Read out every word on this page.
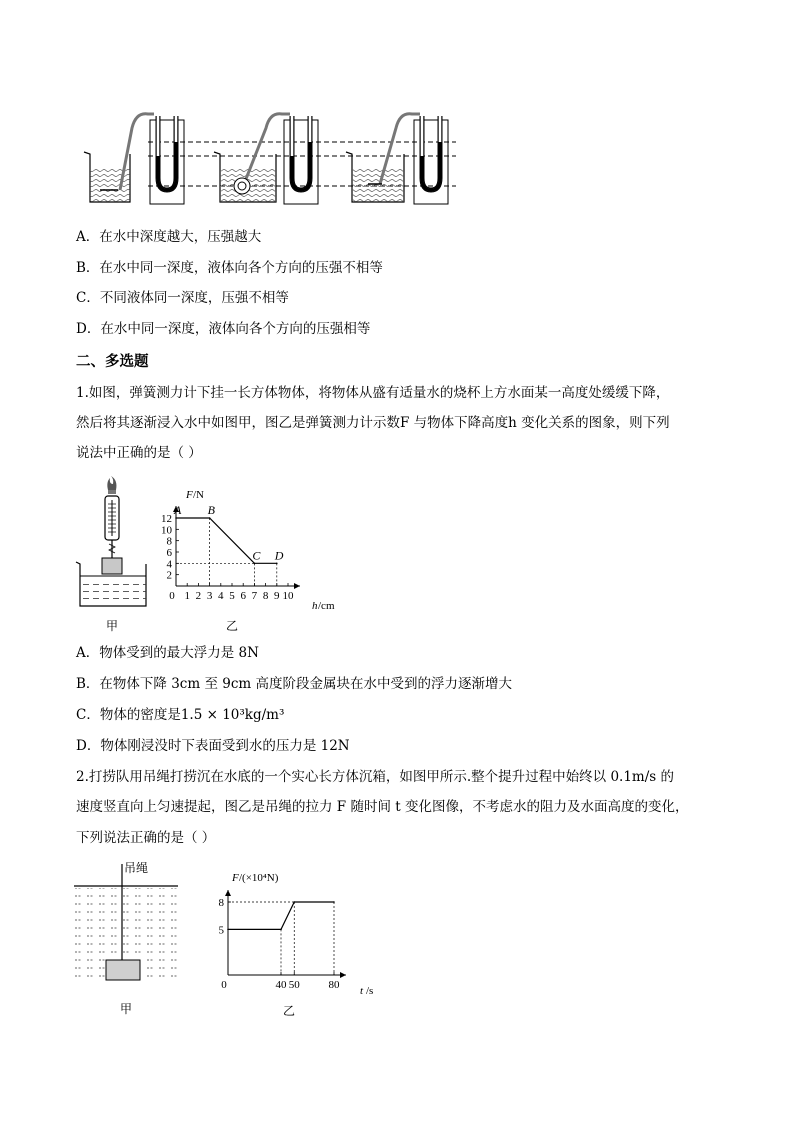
A．在水中深度越大，压强越大
B．在水中同一深度，液体向各个方向的压强不相等
C．不同液体同一深度，压强不相等
D．在水中同一深度，液体向各个方向的压强相等
二、多选题
1.如图，弹簧测力计下挂一长方体物体，将物体从盛有适量水的烧杯上方水面某一高度处缓缓下降，
然后将其逐渐浸入水中如图甲，图乙是弹簧测力计示数F 与物体下降高度h 变化关系的图象，则下列
说法中正确的是（ ）
甲
F /N
h /cm
0 1 2 3 4 5 6 7 8 9 10
2
4
6
8
10
12
A B
C D
乙
A．物体受到的最大浮力是 8N
B．在物体下降 3cm 至 9cm 高度阶段金属块在水中受到的浮力逐渐增大
C．物体的密度是1.5 × 10³kg/m³
D．物体刚浸没时下表面受到水的压力是 12N
2.打捞队用吊绳打捞沉在水底的一个实心长方体沉箱，如图甲所示.整个提升过程中始终以 0.1m/s 的
速度竖直向上匀速提起，图乙是吊绳的拉力 F 随时间 t 变化图像，不考虑水的阻力及水面高度的变化，
下列说法正确的是（ ）
吊绳
甲
F /(×10⁴N)
t /s
0	40 50	80
5
8
乙
